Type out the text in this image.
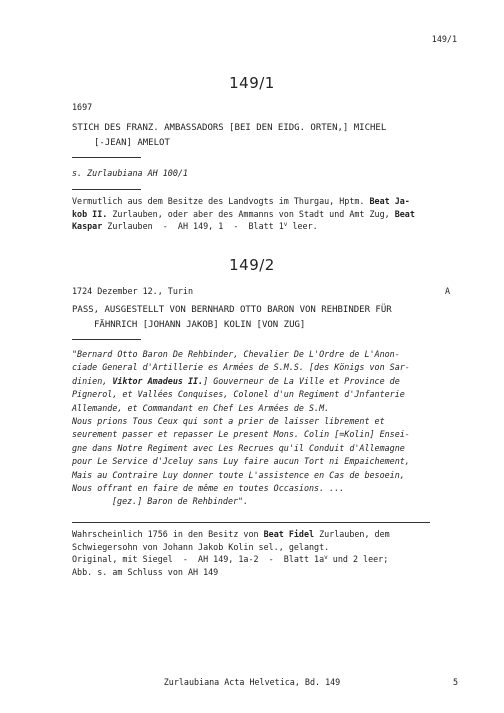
149/1
149/1
1697
STICH DES FRANZ. AMBASSADORS [BEI DEN EIDG. ORTEN,] MICHEL
[-JEAN] AMELOT
s. Zurlaubiana AH 100/1
Vermutlich aus dem Besitze des Landvogts im Thurgau, Hptm. Beat Ja-
kob II. Zurlauben, oder aber des Ammanns von Stadt und Amt Zug, Beat
Kaspar Zurlauben  -  AH 149, 1  -  Blatt 1$^v$ leer.
149/2
1724 Dezember 12., Turin	A
PASS, AUSGESTELLT VON BERNHARD OTTO BARON VON REHBINDER FÜR
FÄHNRICH [JOHANN JAKOB] KOLIN [VON ZUG]
"Bernard Otto Baron De Rehbinder, Chevalier De L'Ordre de L'Anon-
ciade General d'Artillerie es Armées de S.M.S. [des Königs von Sar-
dinien, Viktor Amadeus II.] Gouverneur de La Ville et Province de
Pignerol, et Vallées Conquises, Colonel d'un Regiment d'Jnfanterie
Allemande, et Commandant en Chef Les Armées de S.M.
Nous prions Tous Ceux qui sont a prier de laisser librement et
seurement passer et repasser Le present Mons. Colin [=Kolin] Ensei-
gne dans Notre Regiment avec Les Recrues qu'il Conduit d'Allemagne
pour Le Service d'Jceluy sans Luy faire aucun Tort ni Empaichement,
Mais au Contraire Luy donner toute L'assistence en Cas de besoein,
Nous offrant en faire de même en toutes Occasions. ...
[gez.] Baron de Rehbinder".
Wahrscheinlich 1756 in den Besitz von Beat Fidel Zurlauben, dem
Schwiegersohn von Johann Jakob Kolin sel., gelangt.
Original, mit Siegel  -  AH 149, 1a-2  -  Blatt $1a^v$ und 2 leer;
Abb. s. am Schluss von AH 149
Zurlaubiana Acta Helvetica, Bd. 149	5
